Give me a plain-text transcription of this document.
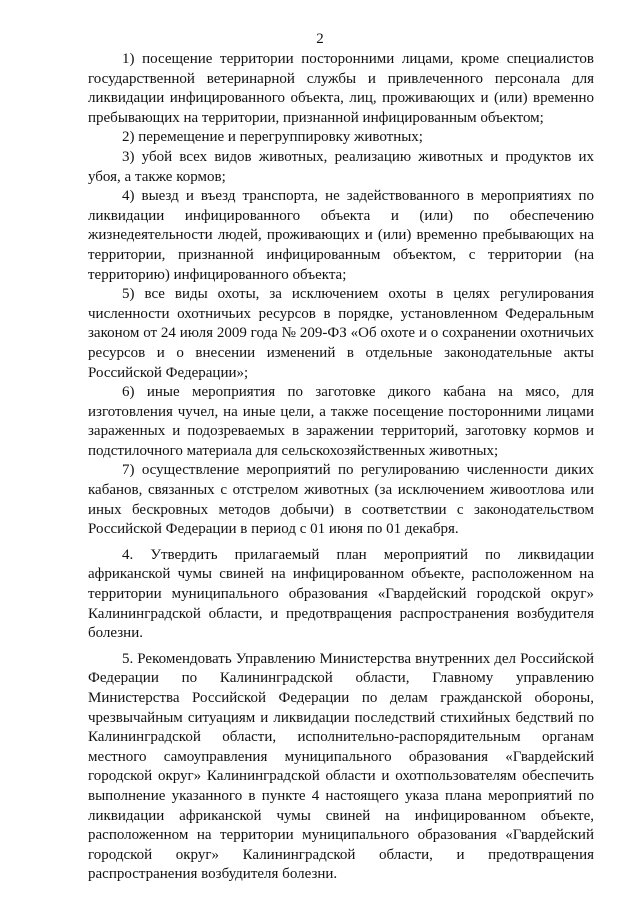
2

1) посещение территории посторонними лицами, кроме специалистов государственной ветеринарной службы и привлеченного персонала для ликвидации инфицированного объекта, лиц, проживающих и (или) временно пребывающих на территории, признанной инфицированным объектом;

2) перемещение и перегруппировку животных;

3) убой всех видов животных, реализацию животных и продуктов их убоя, а также кормов;

4) выезд и въезд транспорта, не задействованного в мероприятиях по ликвидации инфицированного объекта и (или) по обеспечению жизнедеятельности людей, проживающих и (или) временно пребывающих на территории, признанной инфицированным объектом, с территории (на территорию) инфицированного объекта;

5) все виды охоты, за исключением охоты в целях регулирования численности охотничьих ресурсов в порядке, установленном Федеральным законом от 24 июля 2009 года № 209-ФЗ «Об охоте и о сохранении охотничьих ресурсов и о внесении изменений в отдельные законодательные акты Российской Федерации»;

6) иные мероприятия по заготовке дикого кабана на мясо, для изготовления чучел, на иные цели, а также посещение посторонними лицами зараженных и подозреваемых в заражении территорий, заготовку кормов и подстилочного материала для сельскохозяйственных животных;

7) осуществление мероприятий по регулированию численности диких кабанов, связанных с отстрелом животных (за исключением живоотлова или иных бескровных методов добычи) в соответствии с законодательством Российской Федерации в период с 01 июня по 01 декабря.

4. Утвердить прилагаемый план мероприятий по ликвидации африканской чумы свиней на инфицированном объекте, расположенном на территории муниципального образования «Гвардейский городской округ» Калининградской области, и предотвращения распространения возбудителя болезни.

5. Рекомендовать Управлению Министерства внутренних дел Российской Федерации по Калининградской области, Главному управлению Министерства Российской Федерации по делам гражданской обороны, чрезвычайным ситуациям и ликвидации последствий стихийных бедствий по Калининградской области, исполнительно-распорядительным органам местного самоуправления муниципального образования «Гвардейский городской округ» Калининградской области и охотпользователям обеспечить выполнение указанного в пункте 4 настоящего указа плана мероприятий по ликвидации африканской чумы свиней на инфицированном объекте, расположенном на территории муниципального образования «Гвардейский городской округ» Калининградской области, и предотвращения распространения возбудителя болезни.
